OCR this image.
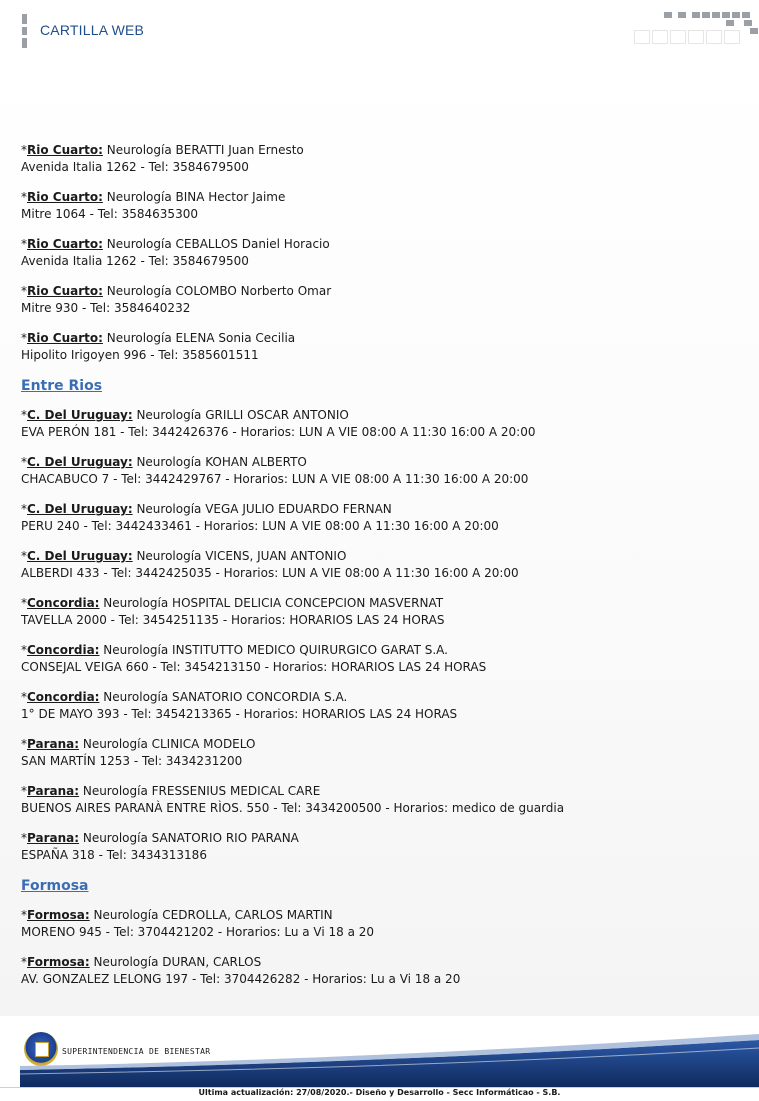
CARTILLA WEB
*Rio Cuarto: Neurología BERATTI Juan Ernesto
Avenida Italia 1262 - Tel: 3584679500
*Rio Cuarto: Neurología BINA Hector Jaime
Mitre 1064 - Tel: 3584635300
*Rio Cuarto: Neurología CEBALLOS Daniel Horacio
Avenida Italia 1262 - Tel: 3584679500
*Rio Cuarto: Neurología COLOMBO Norberto Omar
Mitre 930 - Tel: 3584640232
*Rio Cuarto: Neurología ELENA Sonia Cecilia
Hipolito Irigoyen 996 - Tel: 3585601511
Entre Rios
*C. Del Uruguay: Neurología GRILLI OSCAR ANTONIO
EVA PERÓN 181 - Tel: 3442426376 - Horarios: LUN A VIE 08:00 A 11:30 16:00 A 20:00
*C. Del Uruguay: Neurología KOHAN ALBERTO
CHACABUCO 7 - Tel: 3442429767 - Horarios: LUN A VIE 08:00 A 11:30 16:00 A 20:00
*C. Del Uruguay: Neurología VEGA JULIO EDUARDO FERNAN
PERU 240 - Tel: 3442433461 - Horarios: LUN A VIE 08:00 A 11:30 16:00 A 20:00
*C. Del Uruguay: Neurología VICENS, JUAN ANTONIO
ALBERDI 433 - Tel: 3442425035 - Horarios: LUN A VIE 08:00 A 11:30 16:00 A 20:00
*Concordia: Neurología HOSPITAL DELICIA CONCEPCION MASVERNAT
TAVELLA 2000 - Tel: 3454251135 - Horarios: HORARIOS LAS 24 HORAS
*Concordia: Neurología INSTITUTTO MEDICO QUIRURGICO GARAT S.A.
CONSEJAL VEIGA 660 - Tel: 3454213150 - Horarios: HORARIOS LAS 24 HORAS
*Concordia: Neurología SANATORIO CONCORDIA S.A.
1° DE MAYO 393 - Tel: 3454213365 - Horarios: HORARIOS LAS 24 HORAS
*Parana: Neurología CLINICA MODELO
SAN MARTÍN 1253 - Tel: 3434231200
*Parana: Neurología FRESSENIUS MEDICAL CARE
BUENOS AIRES PARANÀ ENTRE RÌOS. 550 - Tel: 3434200500 - Horarios: medico de guardia
*Parana: Neurología SANATORIO RIO PARANA
ESPAÑA 318 - Tel: 3434313186
Formosa
*Formosa: Neurología CEDROLLA, CARLOS MARTIN
MORENO 945 - Tel: 3704421202 - Horarios: Lu a Vi 18 a 20
*Formosa: Neurología DURAN, CARLOS
AV. GONZALEZ LELONG 197 - Tel: 3704426282 - Horarios: Lu a Vi 18 a 20
SUPERINTENDENCIA DE BIENESTAR
Ultima actualización: 27/08/2020.- Diseño y Desarrollo - Secc Informáticao - S.B.
